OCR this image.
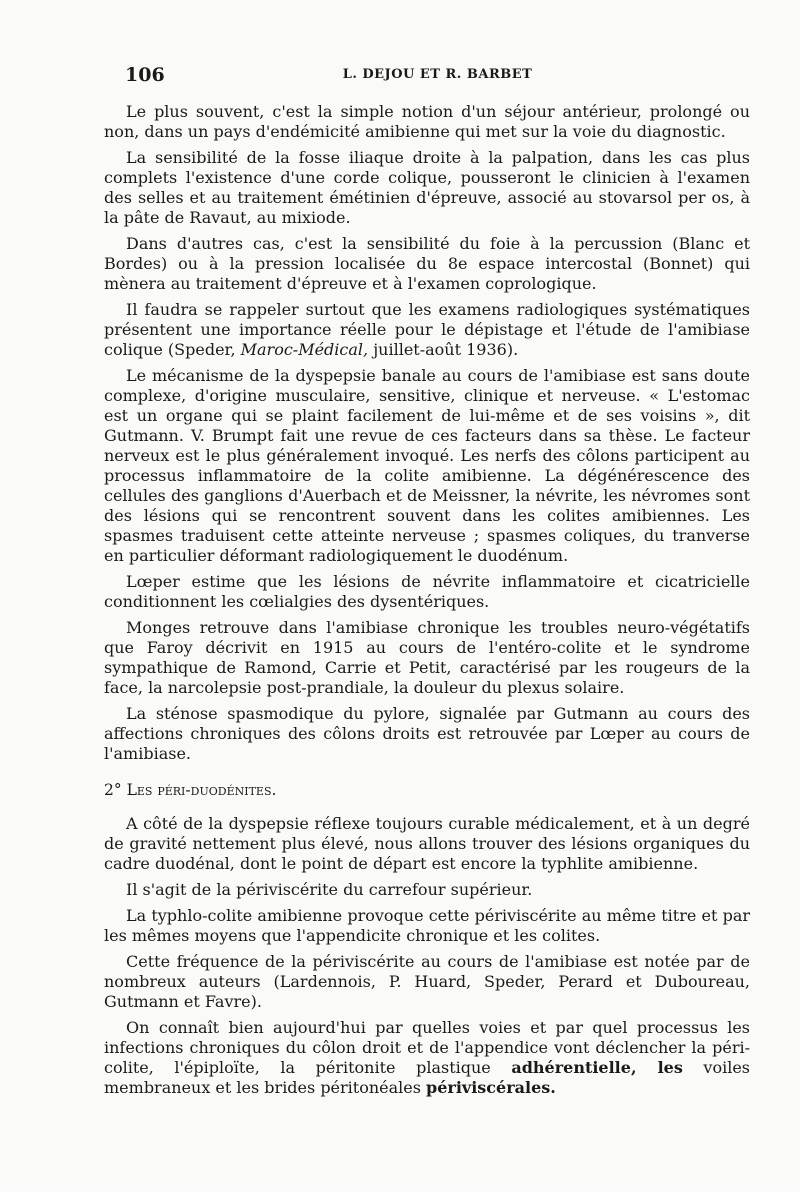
106	L. DEJOU ET R. BARBET

Le plus souvent, c'est la simple notion d'un séjour antérieur, prolongé ou non, dans un pays d'endémicité amibienne qui met sur la voie du diagnostic.

La sensibilité de la fosse iliaque droite à la palpation, dans les cas plus complets l'existence d'une corde colique, pousseront le clinicien à l'examen des selles et au traitement émétinien d'épreuve, associé au stovarsol per os, à la pâte de Ravaut, au mixiode.

Dans d'autres cas, c'est la sensibilité du foie à la percussion (Blanc et Bordes) ou à la pression localisée du 8e espace intercostal (Bonnet) qui mènera au traitement d'épreuve et à l'examen coprologique.

Il faudra se rappeler surtout que les examens radiologiques systématiques présentent une importance réelle pour le dépistage et l'étude de l'amibiase colique (Speder, Maroc-Médical, juillet-août 1936).

Le mécanisme de la dyspepsie banale au cours de l'amibiase est sans doute complexe, d'origine musculaire, sensitive, clinique et nerveuse. « L'estomac est un organe qui se plaint facilement de lui-même et de ses voisins », dit Gutmann. V. Brumpt fait une revue de ces facteurs dans sa thèse. Le facteur nerveux est le plus généralement invoqué. Les nerfs des côlons participent au processus inflammatoire de la colite amibienne. La dégénérescence des cellules des ganglions d'Auerbach et de Meissner, la névrite, les névromes sont des lésions qui se rencontrent souvent dans les colites amibiennes. Les spasmes traduisent cette atteinte nerveuse ; spasmes coliques, du tranverse en particulier déformant radiologiquement le duodénum.

Lœper estime que les lésions de névrite inflammatoire et cicatricielle conditionnent les cœlialgies des dysentériques.

Monges retrouve dans l'amibiase chronique les troubles neuro-végétatifs que Faroy décrivit en 1915 au cours de l'entéro-colite et le syndrome sympathique de Ramond, Carrie et Petit, caractérisé par les rougeurs de la face, la narcolepsie post-prandiale, la douleur du plexus solaire.

La sténose spasmodique du pylore, signalée par Gutmann au cours des affections chroniques des côlons droits est retrouvée par Lœper au cours de l'amibiase.

2° Les péri-duodénites.

A côté de la dyspepsie réflexe toujours curable médicalement, et à un degré de gravité nettement plus élevé, nous allons trouver des lésions organiques du cadre duodénal, dont le point de départ est encore la typhlite amibienne.

Il s'agit de la périviscérite du carrefour supérieur.

La typhlo-colite amibienne provoque cette périviscérite au même titre et par les mêmes moyens que l'appendicite chronique et les colites.

Cette fréquence de la périviscérite au cours de l'amibiase est notée par de nombreux auteurs (Lardennois, P. Huard, Speder, Perard et Duboureau, Gutmann et Favre).

On connaît bien aujourd'hui par quelles voies et par quel processus les infections chroniques du côlon droit et de l'appendice vont déclencher la péri-colite, l'épiploïte, la péritonite plastique adhérentielle, les voiles membraneux et les brides péritonéales périviscérales.
